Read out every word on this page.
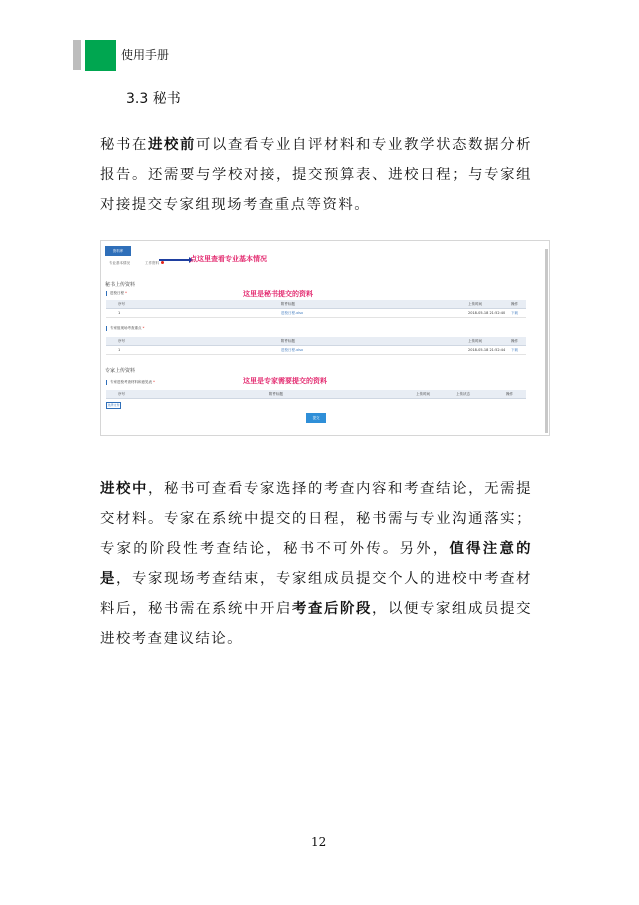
使用手册
3.3 秘书

秘书在进校前可以查看专业自评材料和专业教学状态数据分析报告。还需要与学校对接，提交预算表、进校日程；与专家组对接提交专家组现场考查重点等资料。

资料库
专业基本情况	工作资料	点这里查看专业基本情况
秘书上传资料
进校日程 *	这里是秘书提交的资料
序号	附件标题	上传时间	操作
1	进校日程.xlsx	2018-05-18 21:52:40 下载
专家组现场考查重点 *
序号	附件标题	上传时间	操作
1	进校日程.xlsx	2018-05-18 21:52:44 下载
专家上传资料
专家进校考查材料和意见表 *	这里是专家需要提交的资料
序号	附件标题	上传时间	上传状态	操作
选择文件
提交

进校中，秘书可查看专家选择的考查内容和考查结论，无需提交材料。专家在系统中提交的日程，秘书需与专业沟通落实；专家的阶段性考查结论，秘书不可外传。另外，值得注意的是，专家现场考查结束，专家组成员提交个人的进校中考查材料后，秘书需在系统中开启考查后阶段，以便专家组成员提交进校考查建议结论。

12
